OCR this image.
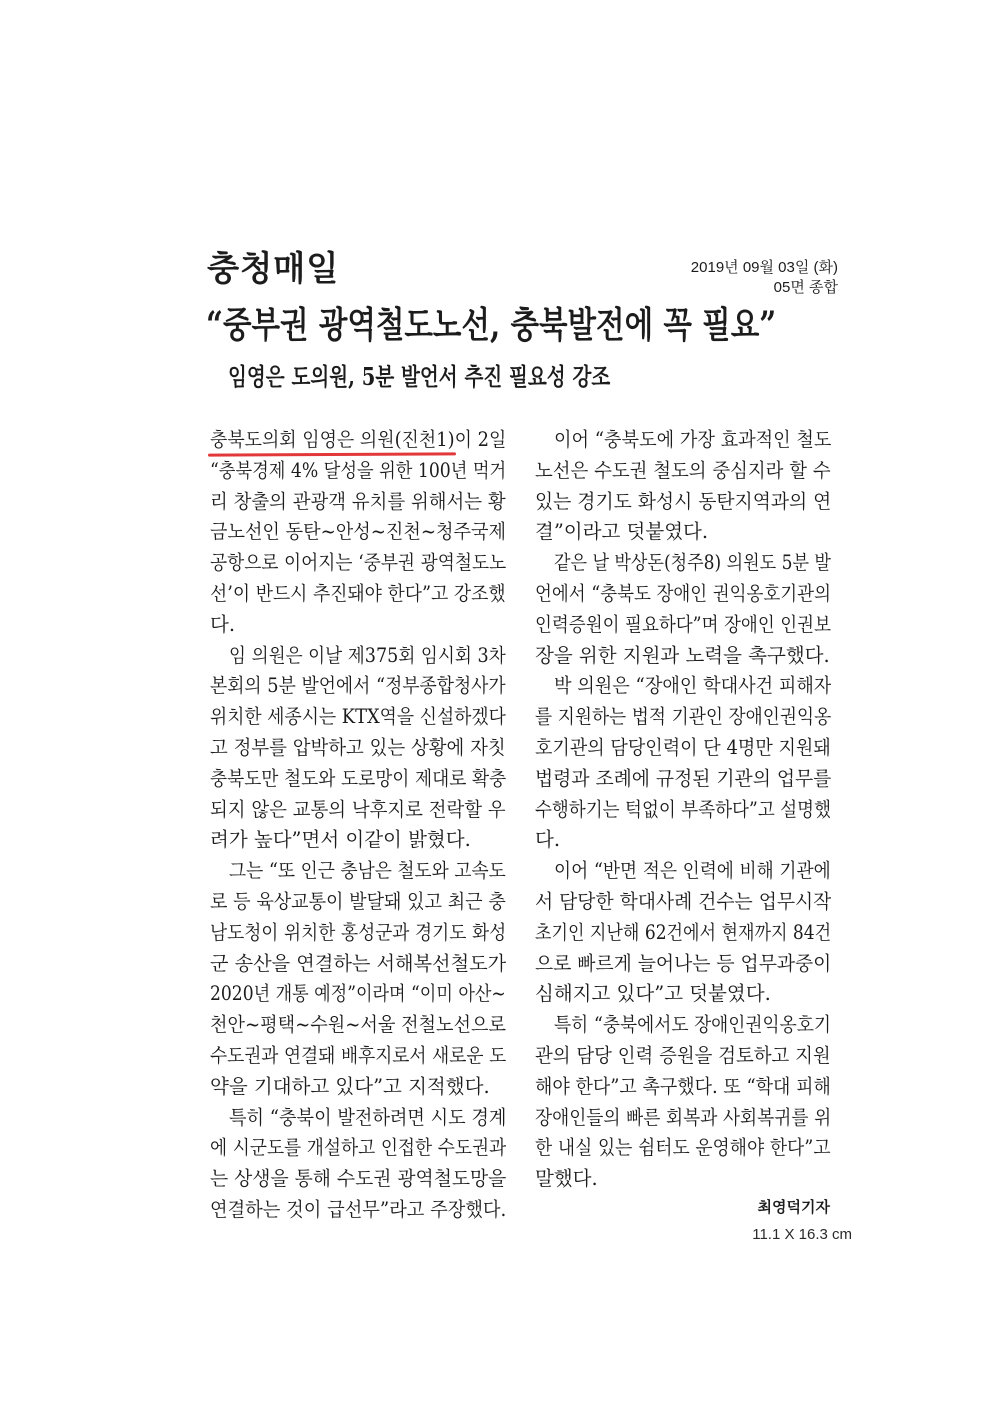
충청매일	2019년 09월 03일 (화)
05면 종합
“중부권 광역철도노선, 충북발전에 꼭 필요”
임영은 도의원, 5분 발언서 추진 필요성 강조
충북도의회 임영은 의원(진천1)이 2일
“충북경제 4% 달성을 위한 100년 먹거
리 창출의 관광객 유치를 위해서는 황
금노선인 동탄~안성~진천~청주국제
공항으로 이어지는 ‘중부권 광역철도노
선’이 반드시 추진돼야 한다”고 강조했
다.
임 의원은 이날 제375회 임시회 3차
본회의 5분 발언에서 “정부종합청사가
위치한 세종시는 KTX역을 신설하겠다
고 정부를 압박하고 있는 상황에 자칫
충북도만 철도와 도로망이 제대로 확충
되지 않은 교통의 낙후지로 전락할 우
려가 높다”면서 이같이 밝혔다.
그는 “또 인근 충남은 철도와 고속도
로 등 육상교통이 발달돼 있고 최근 충
남도청이 위치한 홍성군과 경기도 화성
군 송산을 연결하는 서해복선철도가
2020년 개통 예정”이라며 “이미 아산~
천안~평택~수원~서울 전철노선으로
수도권과 연결돼 배후지로서 새로운 도
약을 기대하고 있다”고 지적했다.
특히 “충북이 발전하려면 시도 경계
에 시군도를 개설하고 인접한 수도권과
는 상생을 통해 수도권 광역철도망을
연결하는 것이 급선무”라고 주장했다.
이어 “충북도에 가장 효과적인 철도
노선은 수도권 철도의 중심지라 할 수
있는 경기도 화성시 동탄지역과의 연
결”이라고 덧붙였다.
같은 날 박상돈(청주8) 의원도 5분 발
언에서 “충북도 장애인 권익옹호기관의
인력증원이 필요하다”며 장애인 인권보
장을 위한 지원과 노력을 촉구했다.
박 의원은 “장애인 학대사건 피해자
를 지원하는 법적 기관인 장애인권익옹
호기관의 담당인력이 단 4명만 지원돼
법령과 조례에 규정된 기관의 업무를
수행하기는 턱없이 부족하다”고 설명했
다.
이어 “반면 적은 인력에 비해 기관에
서 담당한 학대사례 건수는 업무시작
초기인 지난해 62건에서 현재까지 84건
으로 빠르게 늘어나는 등 업무과중이
심해지고 있다”고 덧붙였다.
특히 “충북에서도 장애인권익옹호기
관의 담당 인력 증원을 검토하고 지원
해야 한다”고 촉구했다. 또 “학대 피해
장애인들의 빠른 회복과 사회복귀를 위
한 내실 있는 쉼터도 운영해야 한다”고
말했다.
최영덕기자
11.1 X 16.3 cm
